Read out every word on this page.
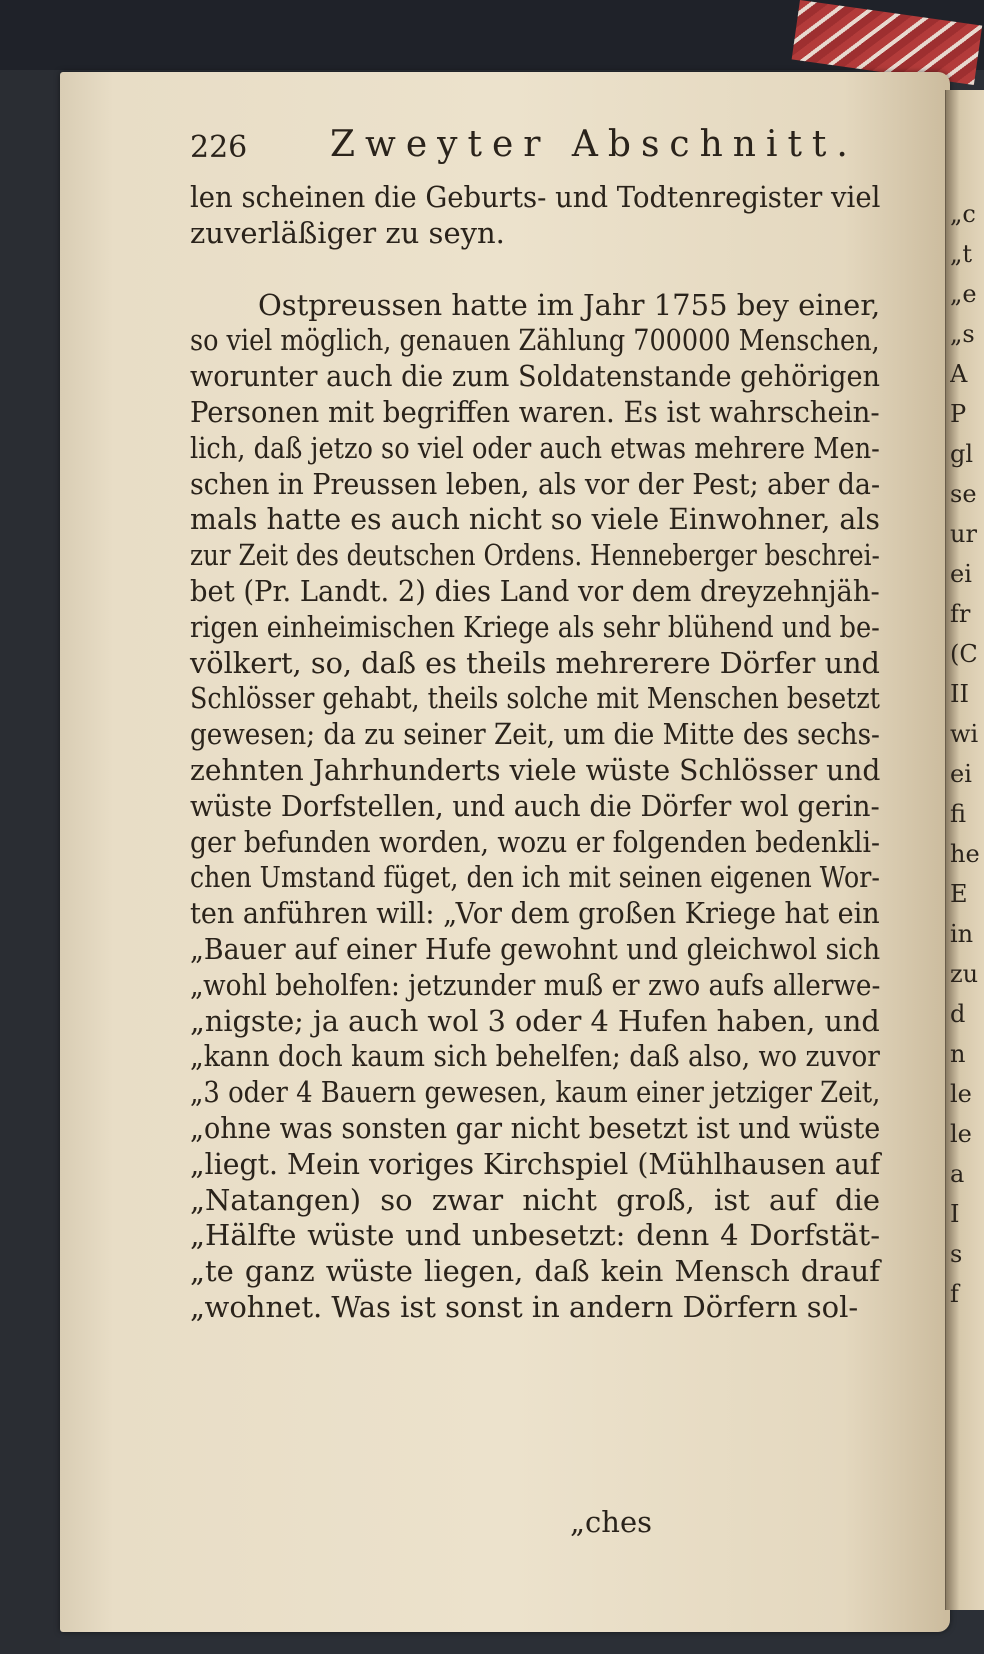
226 Zweyter Abschnitt.
len scheinen die Geburts- und Todtenregister viel
zuverläßiger zu seyn.
Ostpreussen hatte im Jahr 1755 bey einer,
so viel möglich, genauen Zählung 700000 Menschen,
worunter auch die zum Soldatenstande gehörigen
Personen mit begriffen waren. Es ist wahrschein-
lich, daß jetzo so viel oder auch etwas mehrere Men-
schen in Preussen leben, als vor der Pest; aber da-
mals hatte es auch nicht so viele Einwohner, als
zur Zeit des deutschen Ordens. Henneberger beschrei-
bet (Pr. Landt. 2) dies Land vor dem dreyzehnjäh-
rigen einheimischen Kriege als sehr blühend und be-
völkert, so, daß es theils mehrerere Dörfer und
Schlösser gehabt, theils solche mit Menschen besetzt
gewesen; da zu seiner Zeit, um die Mitte des sechs-
zehnten Jahrhunderts viele wüste Schlösser und
wüste Dorfstellen, und auch die Dörfer wol gerin-
ger befunden worden, wozu er folgenden bedenkli-
chen Umstand füget, den ich mit seinen eigenen Wor-
ten anführen will: „Vor dem großen Kriege hat ein
„Bauer auf einer Hufe gewohnt und gleichwol sich
„wohl beholfen: jetzunder muß er zwo aufs allerwe-
„nigste; ja auch wol 3 oder 4 Hufen haben, und
„kann doch kaum sich behelfen; daß also, wo zuvor
„3 oder 4 Bauern gewesen, kaum einer jetziger Zeit,
„ohne was sonsten gar nicht besetzt ist und wüste
„liegt. Mein voriges Kirchspiel (Mühlhausen auf
„Natangen) so zwar nicht groß, ist auf die
„Hälfte wüste und unbesetzt: denn 4 Dorfstät-
„te ganz wüste liegen, daß kein Mensch drauf
„wohnet. Was ist sonst in andern Dörfern sol-
„ches
„c
„t
„e
„s
A
P
gl
se
ur
ei
fr
(C
II
wi
ei
fi
he
E
in
zu
d
n
le
le
a
I
s
f
